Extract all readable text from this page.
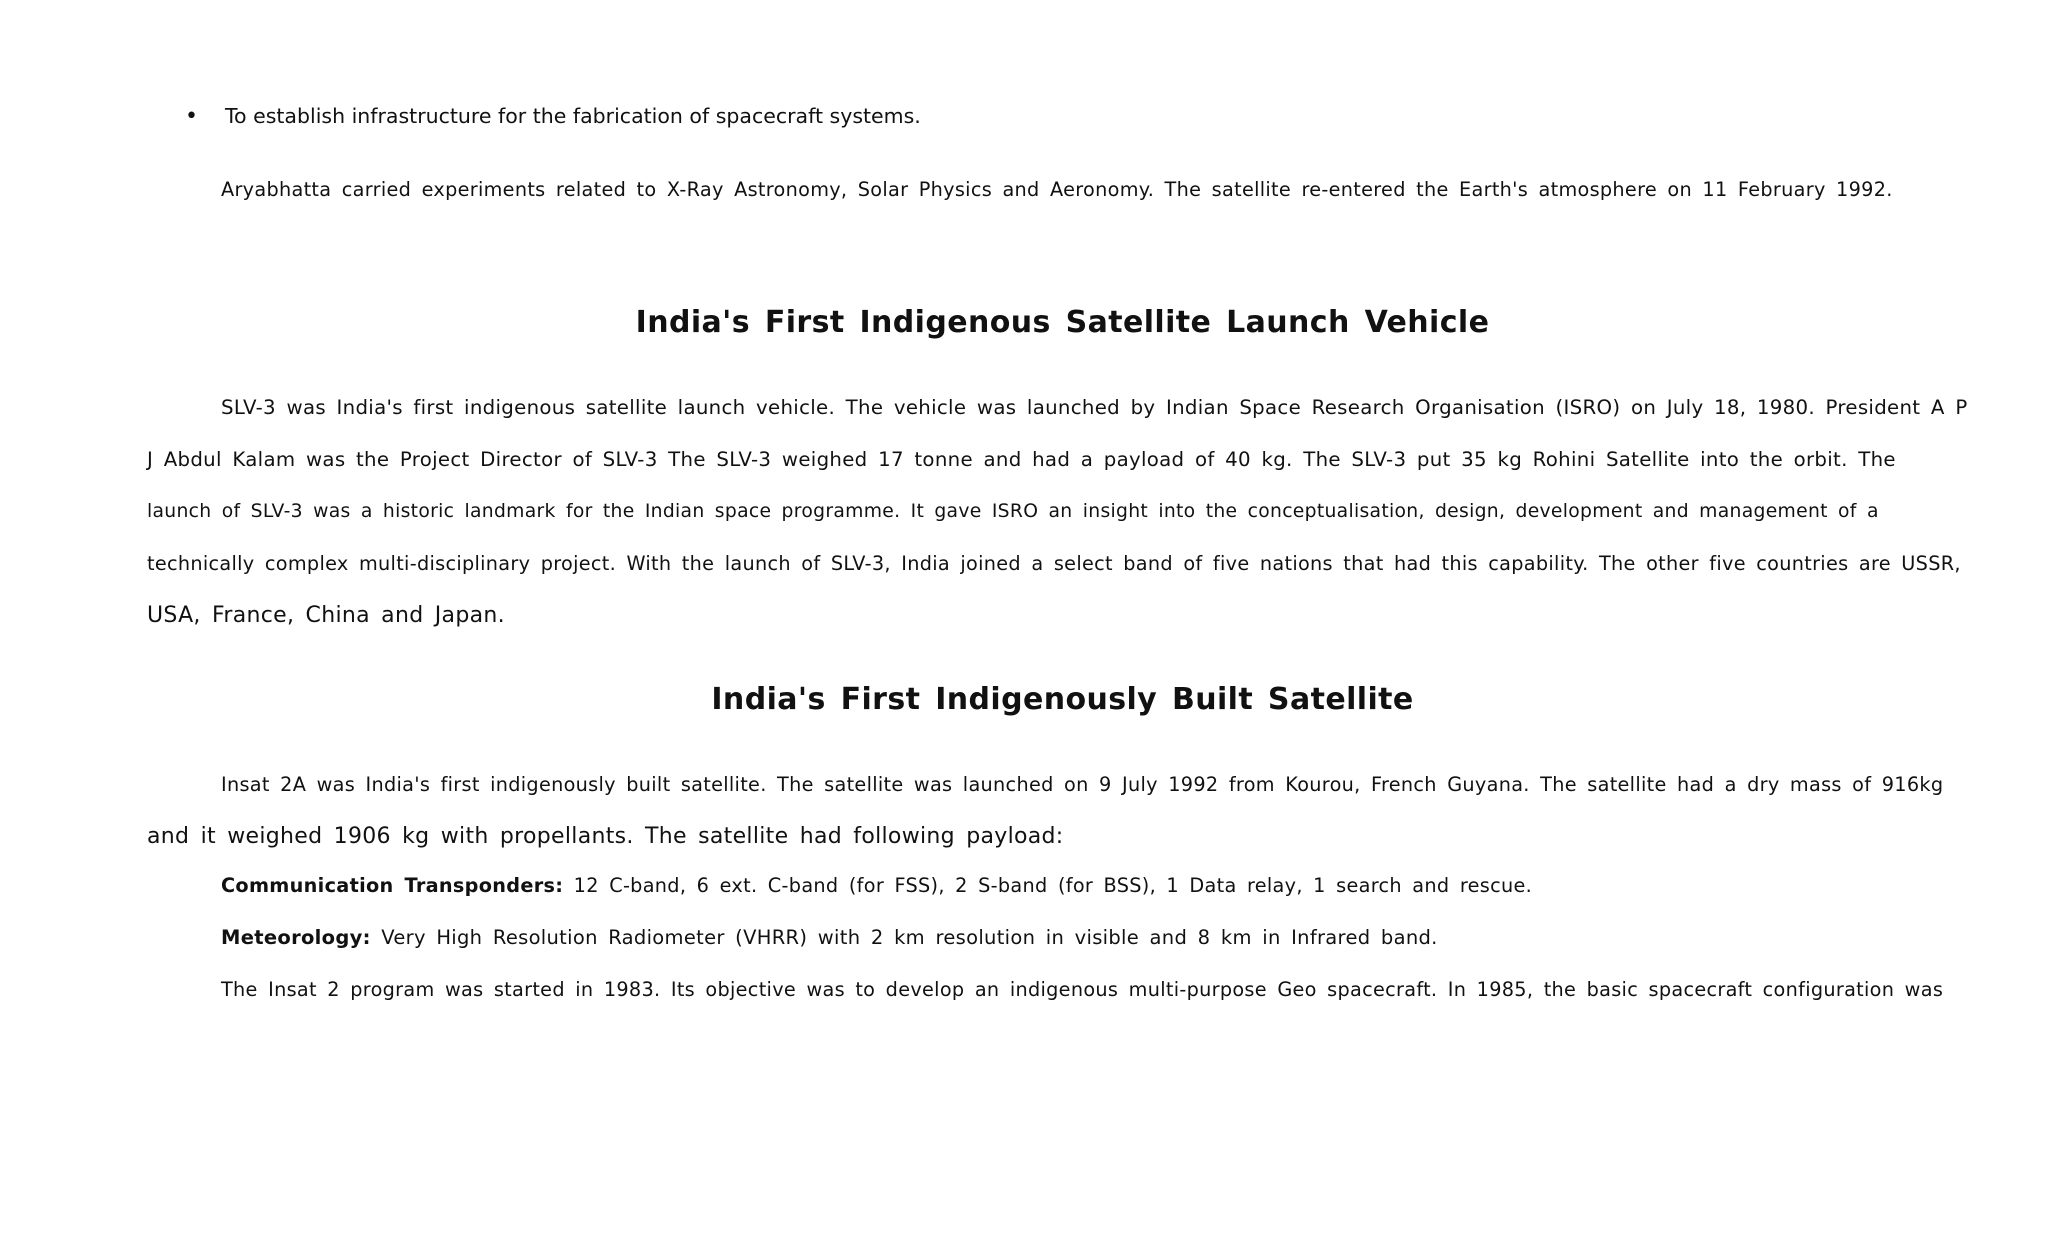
• To establish infrastructure for the fabrication of spacecraft systems.
Aryabhatta carried experiments related to X-Ray Astronomy, Solar Physics and Aeronomy. The satellite re-entered the Earth's atmosphere on 11 February 1992.
India's First Indigenous Satellite Launch Vehicle
SLV-3 was India's first indigenous satellite launch vehicle. The vehicle was launched by Indian Space Research Organisation (ISRO) on July 18, 1980. President A P
J Abdul Kalam was the Project Director of SLV-3 The SLV-3 weighed 17 tonne and had a payload of 40 kg. The SLV-3 put 35 kg Rohini Satellite into the orbit. The
launch of SLV-3 was a historic landmark for the Indian space programme. It gave ISRO an insight into the conceptualisation, design, development and management of a
technically complex multi-disciplinary project. With the launch of SLV-3, India joined a select band of five nations that had this capability. The other five countries are USSR,
USA, France, China and Japan.
India's First Indigenously Built Satellite
Insat 2A was India's first indigenously built satellite. The satellite was launched on 9 July 1992 from Kourou, French Guyana. The satellite had a dry mass of 916kg
and it weighed 1906 kg with propellants. The satellite had following payload:
Communication Transponders: 12 C-band, 6 ext. C-band (for FSS), 2 S-band (for BSS), 1 Data relay, 1 search and rescue.
Meteorology: Very High Resolution Radiometer (VHRR) with 2 km resolution in visible and 8 km in Infrared band.
The Insat 2 program was started in 1983. Its objective was to develop an indigenous multi-purpose Geo spacecraft. In 1985, the basic spacecraft configuration was
